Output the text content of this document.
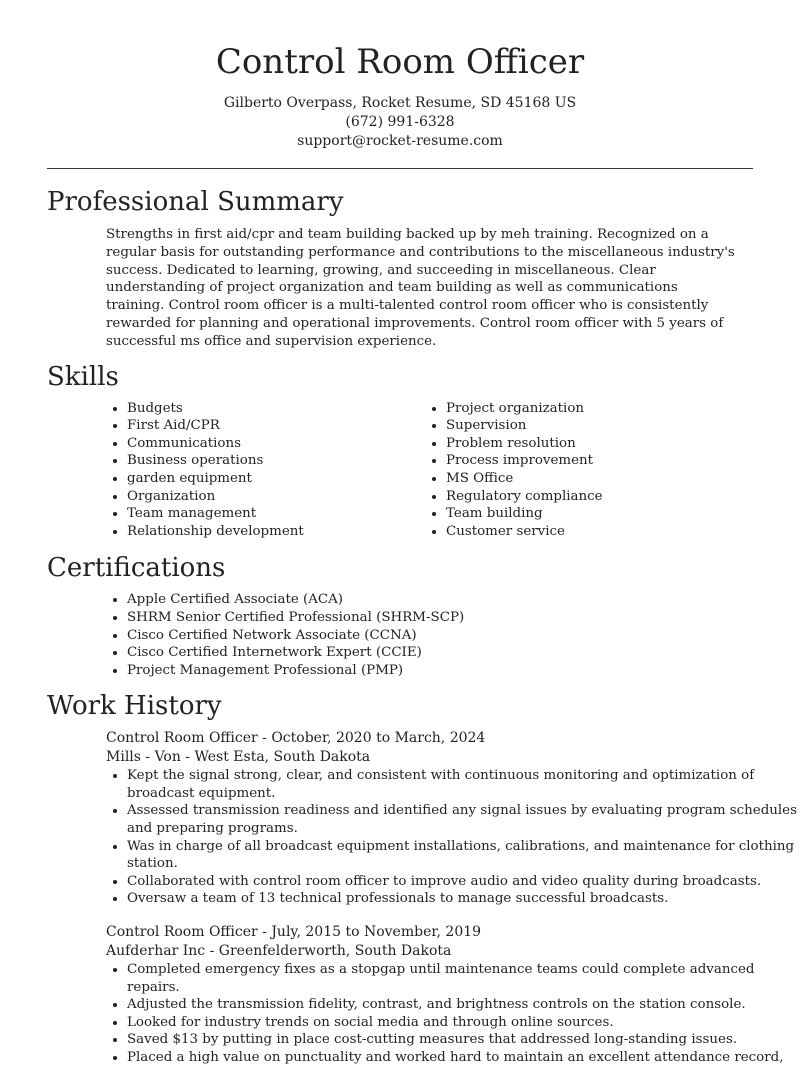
Control Room Officer
Gilberto Overpass, Rocket Resume, SD 45168 US
(672) 991-6328
support@rocket-resume.com
Professional Summary

Strengths in first aid/cpr and team building backed up by meh training. Recognized on a regular basis for outstanding performance and contributions to the miscellaneous industry's success. Dedicated to learning, growing, and succeeding in miscellaneous. Clear understanding of project organization and team building as well as communications training. Control room officer is a multi-talented control room officer who is consistently rewarded for planning and operational improvements. Control room officer with 5 years of successful ms office and supervision experience.

Skills
• Budgets
• First Aid/CPR
• Communications
• Business operations
• garden equipment
• Organization
• Team management
• Relationship development
• Project organization
• Supervision
• Problem resolution
• Process improvement
• MS Office
• Regulatory compliance
• Team building
• Customer service
Certifications
• Apple Certified Associate (ACA)
• SHRM Senior Certified Professional (SHRM-SCP)
• Cisco Certified Network Associate (CCNA)
• Cisco Certified Internetwork Expert (CCIE)
• Project Management Professional (PMP)
Work History
Control Room Officer - October, 2020 to March, 2024
Mills - Von - West Esta, South Dakota
• Kept the signal strong, clear, and consistent with continuous monitoring and optimization of broadcast equipment.
• Assessed transmission readiness and identified any signal issues by evaluating program schedules and preparing programs.
• Was in charge of all broadcast equipment installations, calibrations, and maintenance for clothing station.
• Collaborated with control room officer to improve audio and video quality during broadcasts.
• Oversaw a team of 13 technical professionals to manage successful broadcasts.
Control Room Officer - July, 2015 to November, 2019
Aufderhar Inc - Greenfelderworth, South Dakota
• Completed emergency fixes as a stopgap until maintenance teams could complete advanced repairs.
• Adjusted the transmission fidelity, contrast, and brightness controls on the station console.
• Looked for industry trends on social media and through online sources.
• Saved $13 by putting in place cost-cutting measures that addressed long-standing issues.
• Placed a high value on punctuality and worked hard to maintain an excellent attendance record,
